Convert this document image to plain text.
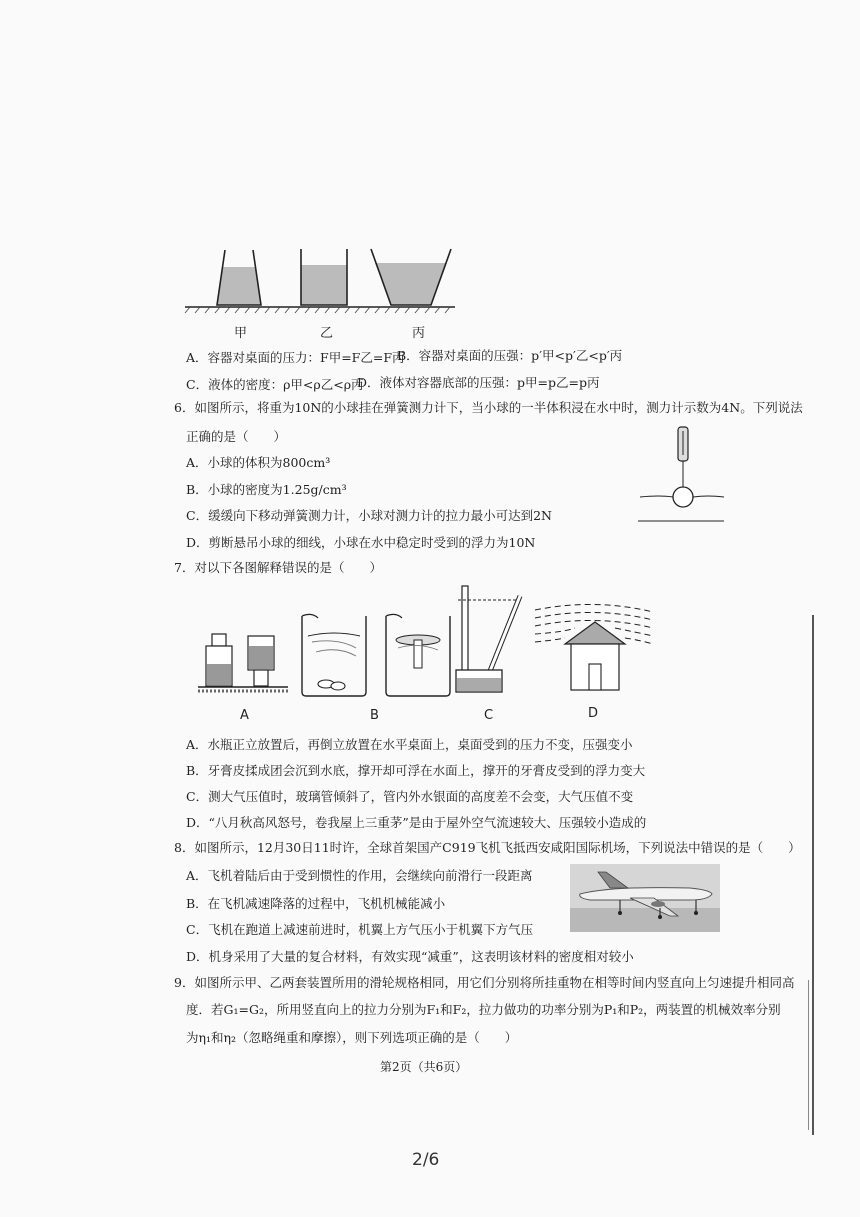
甲	乙	丙
A．容器对桌面的压力：F甲=F乙=F丙
B．容器对桌面的压强：p′甲<p′乙<p′丙
C．液体的密度：ρ甲<ρ乙<ρ丙
D．液体对容器底部的压强：p甲=p乙=p丙
6．如图所示，将重为10N的小球挂在弹簧测力计下，当小球的一半体积浸在水中时，测力计示数为4N。下列说法
正确的是（　　）
A．小球的体积为800cm³
B．小球的密度为1.25g/cm³
C．缓缓向下移动弹簧测力计，小球对测力计的拉力最小可达到2N
D．剪断悬吊小球的细线，小球在水中稳定时受到的浮力为10N
7．对以下各图解释错误的是（　　）
A	B	C	D
A．水瓶正立放置后，再倒立放置在水平桌面上，桌面受到的压力不变，压强变小
B．牙膏皮揉成团会沉到水底，撑开却可浮在水面上，撑开的牙膏皮受到的浮力变大
C．测大气压值时，玻璃管倾斜了，管内外水银面的高度差不会变，大气压值不变
D．“八月秋高风怒号，卷我屋上三重茅”是由于屋外空气流速较大、压强较小造成的
8．如图所示，12月30日11时许，全球首架国产C919飞机飞抵西安咸阳国际机场，下列说法中错误的是（　　）
A．飞机着陆后由于受到惯性的作用，会继续向前滑行一段距离
B．在飞机减速降落的过程中，飞机机械能减小
C．飞机在跑道上减速前进时，机翼上方气压小于机翼下方气压
D．机身采用了大量的复合材料，有效实现“减重”，这表明该材料的密度相对较小
9．如图所示甲、乙两套装置所用的滑轮规格相同，用它们分别将所挂重物在相等时间内竖直向上匀速提升相同高
度．若G₁=G₂，所用竖直向上的拉力分别为F₁和F₂，拉力做功的功率分别为P₁和P₂，两装置的机械效率分别
为η₁和η₂（忽略绳重和摩擦），则下列选项正确的是（　　）
第2页（共6页）
2/6
